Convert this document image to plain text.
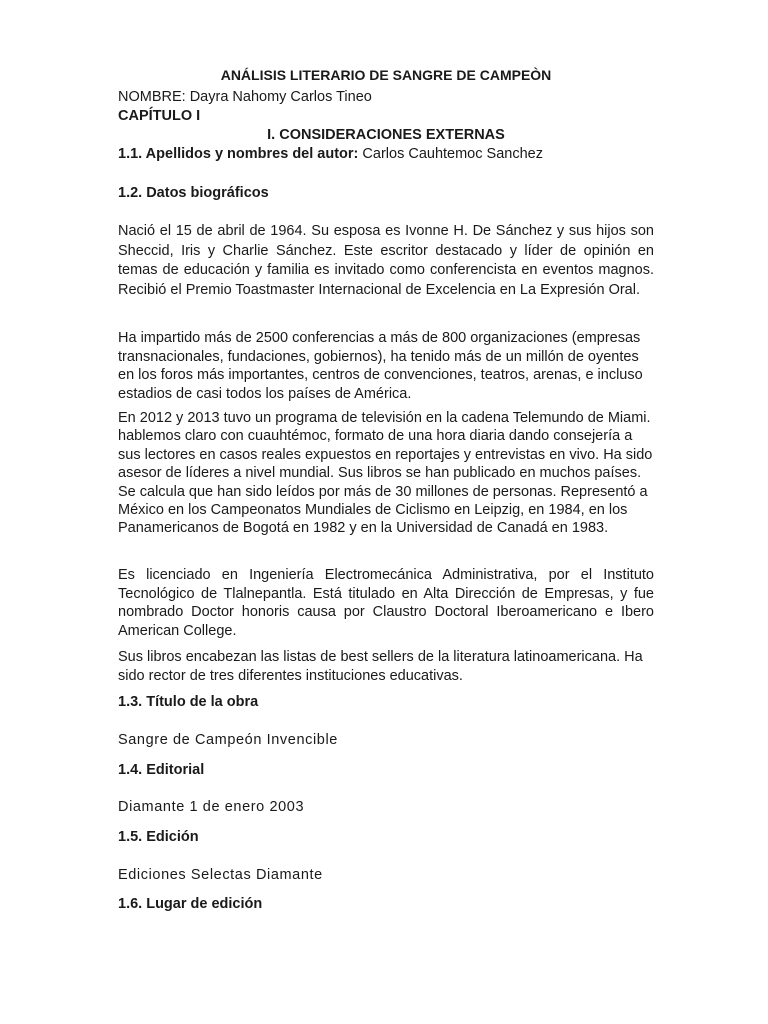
ANÁLISIS LITERARIO DE SANGRE DE CAMPEÒN
NOMBRE: Dayra Nahomy Carlos Tineo
CAPÍTULO I
I. CONSIDERACIONES EXTERNAS
1.1. Apellidos y nombres del autor: Carlos Cauhtemoc Sanchez
1.2. Datos biográficos
Nació el 15 de abril de 1964. Su esposa es Ivonne H. De Sánchez y sus hijos son Sheccid, Iris y Charlie Sánchez. Este escritor destacado y líder de opinión en temas de educación y familia es invitado como conferencista en eventos magnos. Recibió el Premio Toastmaster Internacional de Excelencia en La Expresión Oral.
Ha impartido más de 2500 conferencias a más de 800 organizaciones (empresas transnacionales, fundaciones, gobiernos), ha tenido más de un millón de oyentes en los foros más importantes, centros de convenciones, teatros, arenas, e incluso estadios de casi todos los países de América.
En 2012 y 2013 tuvo un programa de televisión en la cadena Telemundo de Miami. hablemos claro con cuauhtémoc, formato de una hora diaria dando consejería a sus lectores en casos reales expuestos en reportajes y entrevistas en vivo. Ha sido asesor de líderes a nivel mundial. Sus libros se han publicado en muchos países. Se calcula que han sido leídos por más de 30 millones de personas. Representó a México en los Campeonatos Mundiales de Ciclismo en Leipzig, en 1984, en los Panamericanos de Bogotá en 1982 y en la Universidad de Canadá en 1983.
Es licenciado en Ingeniería Electromecánica Administrativa, por el Instituto Tecnológico de Tlalnepantla. Está titulado en Alta Dirección de Empresas, y fue nombrado Doctor honoris causa por Claustro Doctoral Iberoamericano e Ibero American College.
Sus libros encabezan las listas de best sellers de la literatura latinoamericana. Ha sido rector de tres diferentes instituciones educativas.
1.3. Título de la obra
Sangre de Campeón Invencible
1.4. Editorial
Diamante 1 de enero 2003
1.5. Edición
Ediciones Selectas Diamante
1.6. Lugar de edición
